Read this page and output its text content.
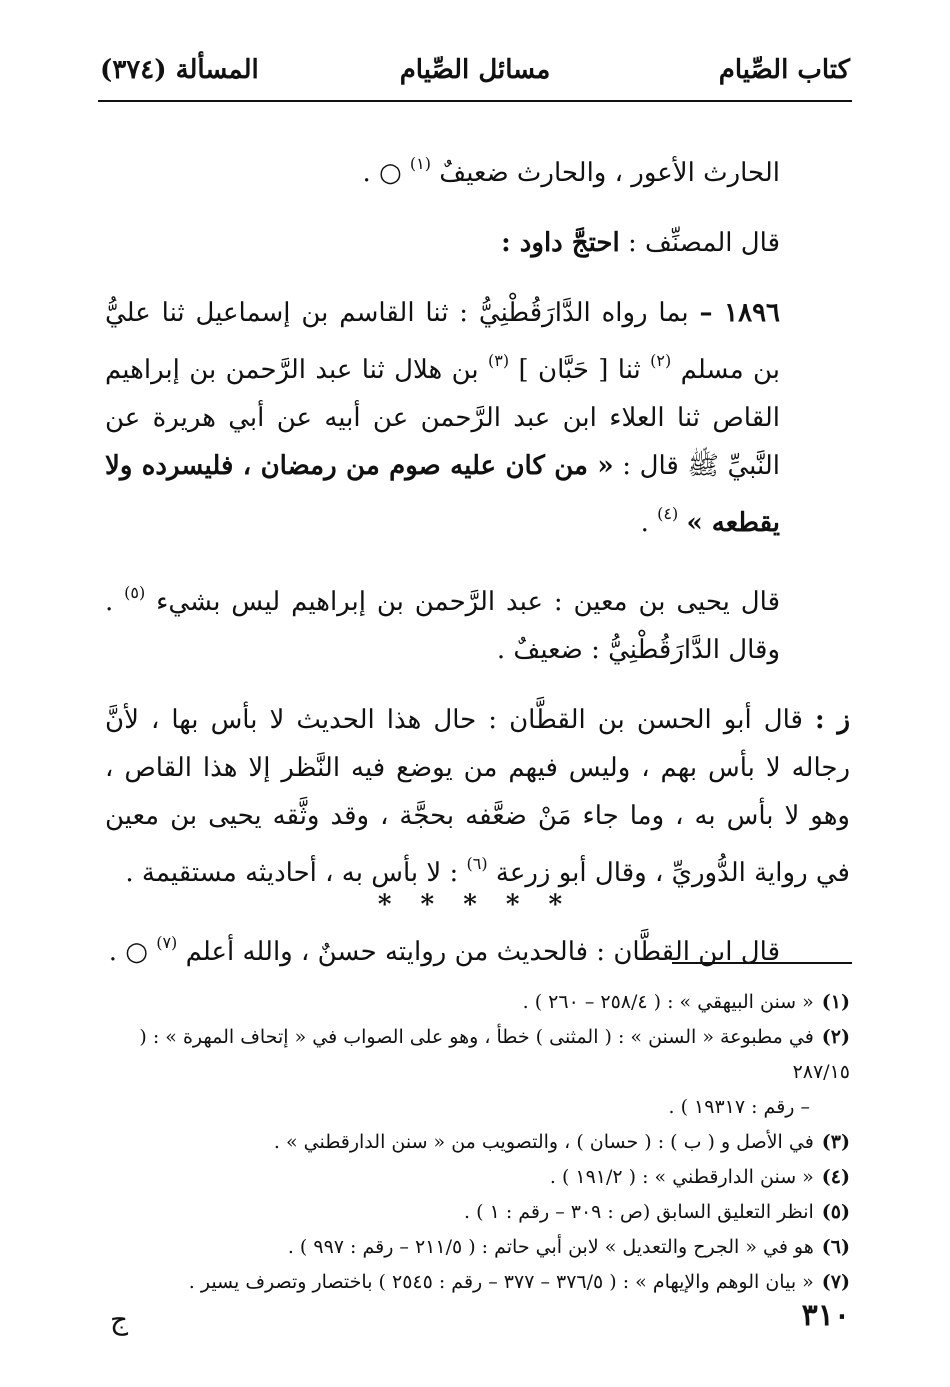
كتاب الصِّيام
مسائل الصِّيام
المسألة (٣٧٤)

الحارث الأعور ، والحارث ضعيفٌ $^{(١)}$ ○ .

قال المصنِّف : احتجَّ داود :

١٨٩٦ – بما رواه الدَّارَقُطْنِيُّ : ثنا القاسم بن إسماعيل ثنا عليُّ بن مسلم $^{(٢)}$ ثنا [ حَبَّان ] $^{(٣)}$ بن هلال ثنا عبد الرَّحمن بن إبراهيم القاص ثنا العلاء ابن عبد الرَّحمن عن أبيه عن أبي هريرة عن النَّبيِّ ﷺ قال : « من كان عليه صوم من رمضان ، فليسرده ولا يقطعه » $^{(٤)}$ .

قال يحيى بن معين : عبد الرَّحمن بن إبراهيم ليس بشيء $^{(٥)}$ . وقال الدَّارَقُطْنِيُّ : ضعيفٌ .

ز : قال أبو الحسن بن القطَّان : حال هذا الحديث لا بأس بها ، لأنَّ رجاله لا بأس بهم ، وليس فيهم من يوضع فيه النَّظر إلا هذا القاص ، وهو لا بأس به ، وما جاء مَنْ ضعَّفه بحجَّة ، وقد وثَّقه يحيى بن معين في رواية الدُّوريِّ ، وقال أبو زرعة $^{(٦)}$ : لا بأس به ، أحاديثه مستقيمة .

قال ابن القطَّان : فالحديث من روايته حسنٌ ، والله أعلم $^{(٧)}$ ○ .

* * * * *

(١)« سنن البيهقي » : ( ٢٥٨/٤ – ٢٦٠ ) .

(٢)في مطبوعة « السنن » : ( المثنى ) خطأ ، وهو على الصواب في « إتحاف المهرة » : ( ٢٨٧/١٥

– رقم : ١٩٣١٧ ) .

(٣)في الأصل و ( ب ) : ( حسان ) ، والتصويب من « سنن الدارقطني » .

(٤)« سنن الدارقطني » : ( ١٩١/٢ ) .

(٥)انظر التعليق السابق (ص : ٣٠٩ – رقم : ١ ) .

(٦)هو في « الجرح والتعديل » لابن أبي حاتم : ( ٢١١/٥ – رقم : ٩٩٧ ) .

(٧)« بيان الوهم والإيهام » : ( ٣٧٦/٥ – ٣٧٧ – رقم : ٢٥٤٥ ) باختصار وتصرف يسير .

٣١٠
ج
